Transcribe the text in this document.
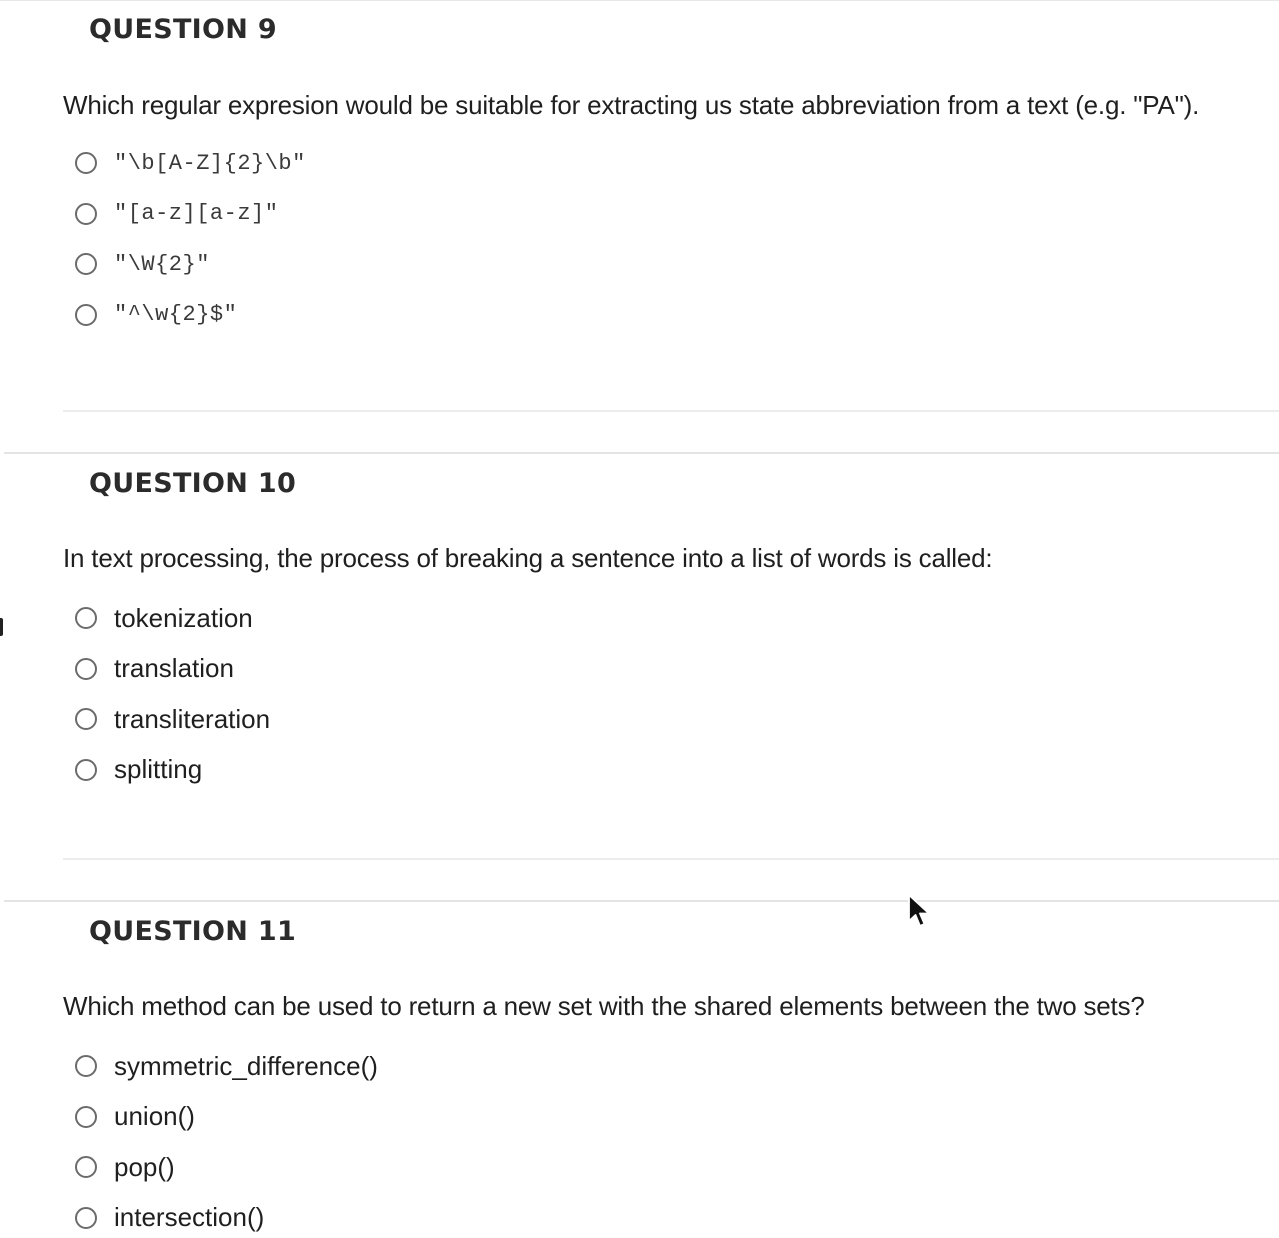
QUESTION 9
Which regular expresion would be suitable for extracting us state abbreviation from a text (e.g. "PA").
"\b[A-Z]{2}\b"
"[a-z][a-z]"
"\W{2}"
"^\w{2}$"
QUESTION 10
In text processing, the process of breaking a sentence into a list of words is called:
tokenization
translation
transliteration
splitting
QUESTION 11
Which method can be used to return a new set with the shared elements between the two sets?
symmetric_difference()
union()
pop()
intersection()
